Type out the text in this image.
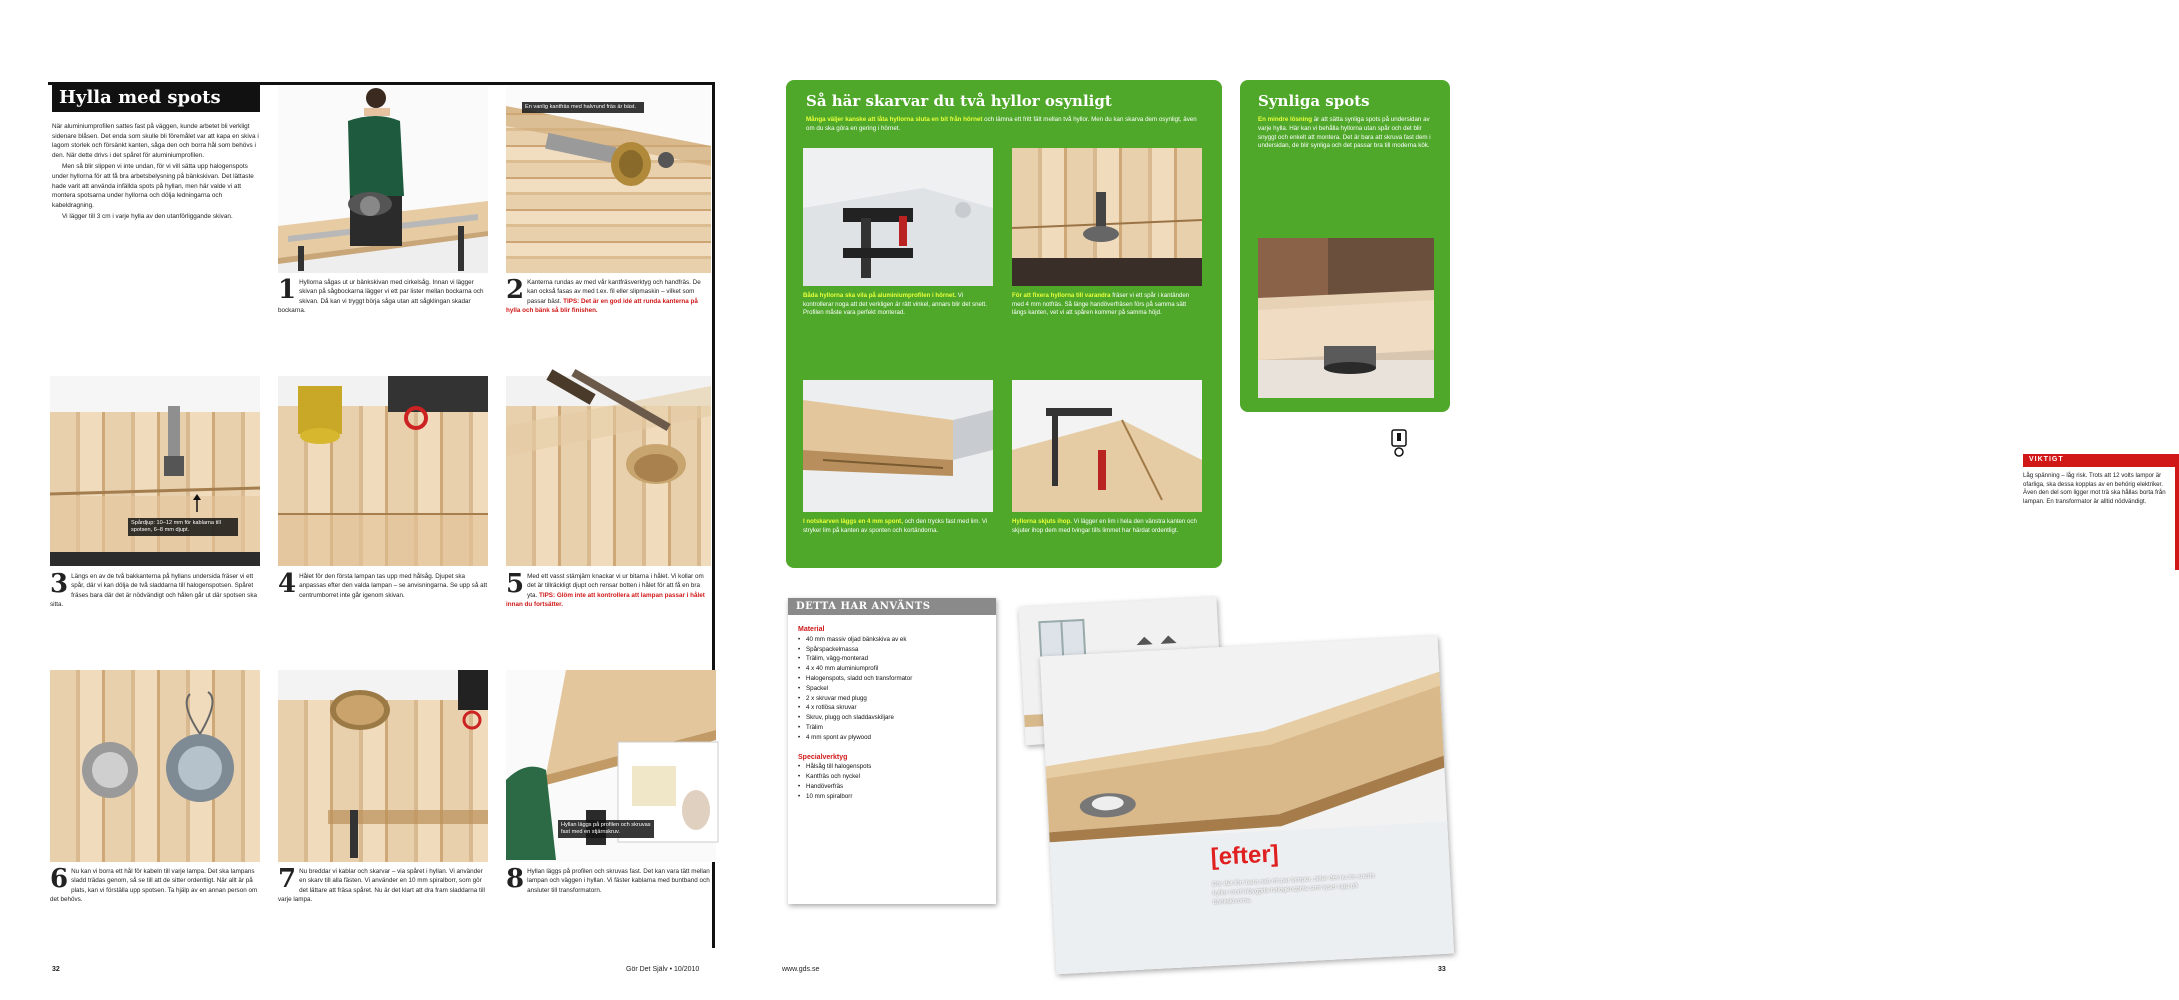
Hylla med spots

När aluminiumprofilen sattes fast på väggen, kunde arbetet bli verkligt sidenare blåsen. Det enda som skulle bli föremålet var att kapa en skiva i lagom storlek och försänkt kanten, såga den och borra hål som behövs i den. När dette drivs i det spåret för aluminiumprofilen.

Men så blir slippen vi inte undan, för vi vill sätta upp halogenspots under hyllorna för att få bra arbetsbelysning på bänkskivan. Det lättaste hade varit att använda infällda spots på hyllan, men här valde vi att montera spotsarna under hyllorna och dölja ledningarna och kabeldragning.

Vi lägger till 3 cm i varje hylla av den utanförliggande skivan.

En vanlig kantfräs med halvrund fräs är bäst.
1 Hyllorna sågas ut ur bänkskivan med cirkelsåg. Innan vi lägger skivan på sågbockarna lägger vi ett par lister mellan bockarna och skivan. Då kan vi tryggt börja såga utan att sågklingan skadar bockarna.
2 Kanterna rundas av med vår kantfräsverktyg och handfräs. De kan också fasas av med t.ex. fil eller slipmaskin – vilket som passar bäst. TIPS: Det är en god idé att runda kanterna på hylla och bänk så blir finishen.
Spårdjup: 10–12 mm för kablarna till spotsen, 6–8 mm djupt.
3 Längs en av de två bakkanterna på hyllans undersida fräser vi ett spår, där vi kan dölja de två sladdarna till halogenspotsen. Spåret fräses bara där det är nödvändigt och hålen går ut där spotsen ska sitta.
4 Hålet för den första lampan tas upp med hålsåg. Djupet ska anpassas efter den valda lampan – se anvisningarna. Se upp så att centrumborret inte går igenom skivan.	5 Med ett vasst stämjärn knackar vi ur bitarna i hålet. Vi kollar om det är tillräckligt djupt och rensar botten i hålet för att få en bra yta. TIPS: Glöm inte att kontrollera att lampan passar i hålet innan du fortsätter.
Hyllan läggs på profilen och skruvas fast med en stjärnskruv.
6 Nu kan vi borra ett hål för kabeln till varje lampa. Det ska lampans sladd trädas genom, så se till att de sitter ordentligt. När allt är på plats, kan vi förställa upp spotsen. Ta hjälp av en annan person om det behövs.
7 Nu breddar vi kablar och skarvar – via spåret i hyllan. Vi använder en skarv till alla fästen. Vi använder en 10 mm spiralborr, som gör det lättare att fräsa spåret. Nu är det klart att dra fram sladdarna till varje lampa.
8 Hyllan läggs på profilen och skruvas fast. Det kan vara tätt mellan lampan och väggen i hyllan. Vi fäster kablarna med buntband och ansluter till transformatorn.
32	Gör Det Själv • 10/2010
Så här skarvar du två hyllor osynligt
Många väljer kanske att låta hyllorna sluta en bit från hörnet och lämna ett fritt fält mellan två hyllor. Men du kan skarva dem osynligt, även om du ska göra en gering i hörnet.
Båda hyllorna ska vila på aluminiumprofilen i hörnet. Vi kontrollerar noga att det verkligen är rätt vinkel, annars blir det snett. Profilen måste vara perfekt monterad.
För att fixera hyllorna till varandra fräser vi ett spår i kantänden med 4 mm notfräs. Så länge handöverfräsen förs på samma sätt längs kanten, vet vi att spåren kommer på samma höjd.
I notskarven läggs en 4 mm spont, och den trycks fast med lim. Vi stryker lim på kanten av sponten och kortändorna.
Hyllorna skjuts ihop. Vi lägger en lim i hela den vänstra kanten och skjuter ihop dem med tvingar tills limmet har härdat ordentligt.
Synliga spots
En mindre lösning är att sätta synliga spots på undersidan av varje hylla. Här kan vi behålla hyllorna utan spår och det blir snyggt och enkelt att montera. Det är bara att skruva fast dem i undersidan, de blir synliga och det passar bra till moderna kök.
VIKTIGT
Låg spänning – låg risk. Trots att 12 volts lampor är ofarliga, ska dessa kopplas av en behörig elektriker. Även den del som ligger mot trä ska hållas borta från lampan. En transformator är alltid nödvändigt.
DETTA HAR ANVÄNTS
Material
• 40 mm massiv oljad bänkskiva av ek
• Spårspackelmassa
• Trälim, vägg-monterad
• 4 x 40 mm aluminiumprofil
• Halogenspots, sladd och transformator
• Spackel
• 2 x skruvar med plugg
• 4 x rotlösa skruvar
• Skruv, plugg och sladdavskiljare
• Trälim
• 4 mm spont av plywood
Specialverktyg
• Hålsåg till halogenspots
• Kantfräs och nyckel
• Handöverfräs
• 10 mm spiralborr
[efter]
Där det förr bara satt ett par lampor, sitter det nu tre sneda hyllor med inbyggda halogenspots som lyser upp på bänkskivorna.
www.gds.se	33
